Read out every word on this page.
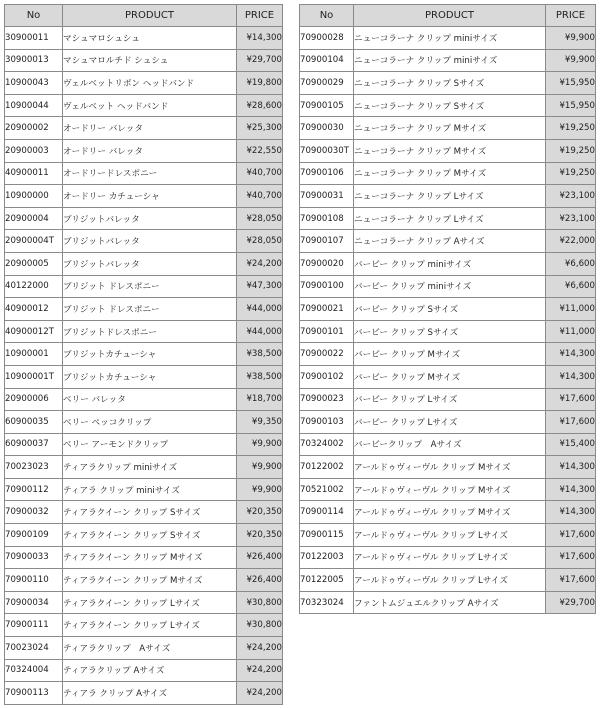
No	PRODUCT	PRICE
30900011	マシュマロシュシュ	¥14,300
30900013	マシュマロルチド シュシュ	¥29,700
10900043	ヴェルベットリボン ヘッドバンド	¥19,800
10900044	ヴェルベット ヘッドバンド	¥28,600
20900002	オードリー バレッタ	¥25,300
20900003	オードリー バレッタ	¥22,550
40900011	オードリードレスポニー	¥40,700
10900000	オードリー カチューシャ	¥40,700
20900004	ブリジットバレッタ	¥28,050
20900004T	ブリジットバレッタ	¥28,050
20900005	ブリジットバレッタ	¥24,200
40122000	ブリジット ドレスポニー	¥47,300
40900012	ブリジット ドレスポニー	¥44,000
40900012T	ブリジットドレスポニー	¥44,000
10900001	ブリジットカチューシャ	¥38,500
10900001T	ブリジットカチューシャ	¥38,500
20900006	ベリー バレッタ	¥18,700
60900035	ベリー ペッコクリップ	¥9,350
60900037	ベリー アーモンドクリップ	¥9,900
70023023	ティアラクリップ miniサイズ	¥9,900
70900112	ティアラ クリップ miniサイズ	¥9,900
70900032	ティアラクイーン クリップ Sサイズ	¥20,350
70900109	ティアラクイーン クリップ Sサイズ	¥20,350
70900033	ティアラクイーン クリップ Mサイズ	¥26,400
70900110	ティアラクイーン クリップ Mサイズ	¥26,400
70900034	ティアラクイーン クリップ Lサイズ	¥30,800
70900111	ティアラクイーン クリップ Lサイズ	¥30,800
70023024	ティアラクリップ　Aサイズ	¥24,200
70324004	ティアラクリップ Aサイズ	¥24,200
70900113	ティアラ クリップ Aサイズ	¥24,200
No	PRODUCT	PRICE
70900028	ニューコラーナ クリップ miniサイズ	¥9,900
70900104	ニューコラーナ クリップ miniサイズ	¥9,900
70900029	ニューコラーナ クリップ Sサイズ	¥15,950
70900105	ニューコラーナ クリップ Sサイズ	¥15,950
70900030	ニューコラーナ クリップ Mサイズ	¥19,250
70900030T	ニューコラーナ クリップ Mサイズ	¥19,250
70900106	ニューコラーナ クリップ Mサイズ	¥19,250
70900031	ニューコラーナ クリップ Lサイズ	¥23,100
70900108	ニューコラーナ クリップ Lサイズ	¥23,100
70900107	ニューコラーナ クリップ Aサイズ	¥22,000
70900020	バービー クリップ miniサイズ	¥6,600
70900100	バービー クリップ miniサイズ	¥6,600
70900021	バービー クリップ Sサイズ	¥11,000
70900101	バービー クリップ Sサイズ	¥11,000
70900022	バービー クリップ Mサイズ	¥14,300
70900102	バービー クリップ Mサイズ	¥14,300
70900023	バービー クリップ Lサイズ	¥17,600
70900103	バービー クリップ Lサイズ	¥17,600
70324002	バービークリップ　Aサイズ	¥15,400
70122002	アールドゥヴィーヴル クリップ Mサイズ	¥14,300
70521002	アールドゥヴィーヴル クリップ Mサイズ	¥14,300
70900114	アールドゥヴィーヴル クリップ Mサイズ	¥14,300
70900115	アールドゥヴィーヴル クリップ Lサイズ	¥17,600
70122003	アールドゥヴィーヴル クリップ Lサイズ	¥17,600
70122005	アールドゥヴィーヴル クリップ Lサイズ	¥17,600
70323024	ファントムジュエルクリップ Aサイズ	¥29,700
